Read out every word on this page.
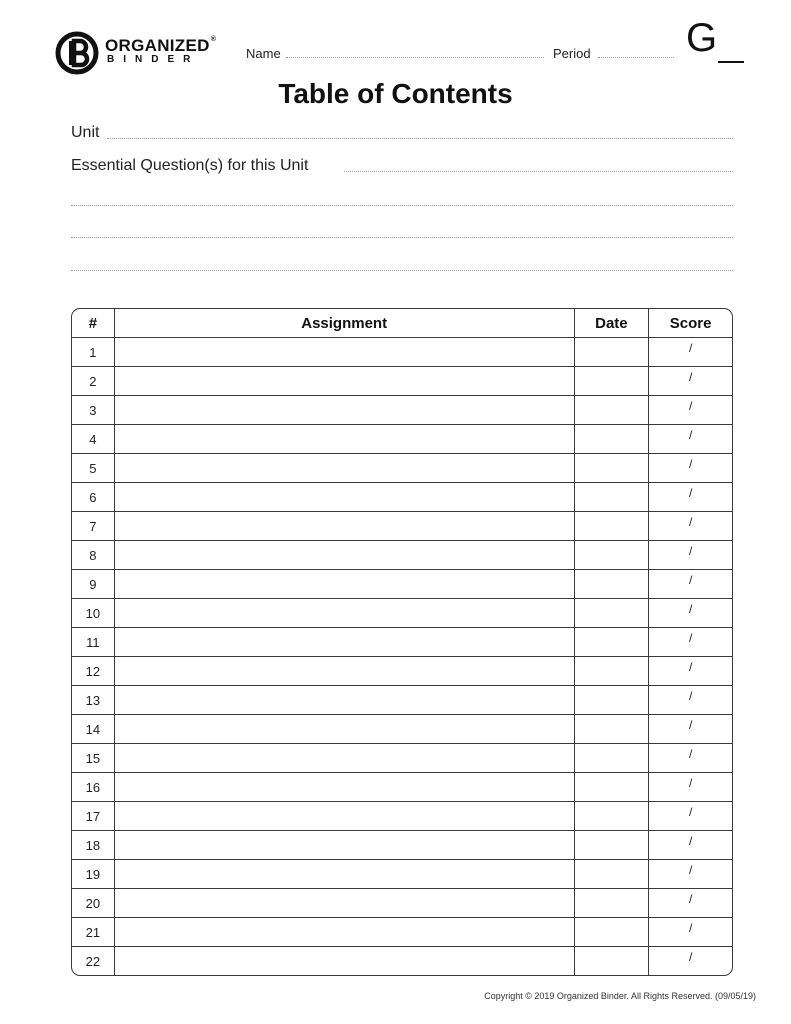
ORGANIZED®
BINDER	Name	Period G
Table of Contents
Unit
Essential Question(s) for this Unit
#	Assignment	Date	Score
1			/
2			/
3			/
4			/
5			/
6			/
7			/
8			/
9			/
10			/
11			/
12			/
13			/
14			/
15			/
16			/
17			/
18			/
19			/
20			/
21			/
22			/
Copyright © 2019 Organized Binder. All Rights Reserved. (09/05/19)
